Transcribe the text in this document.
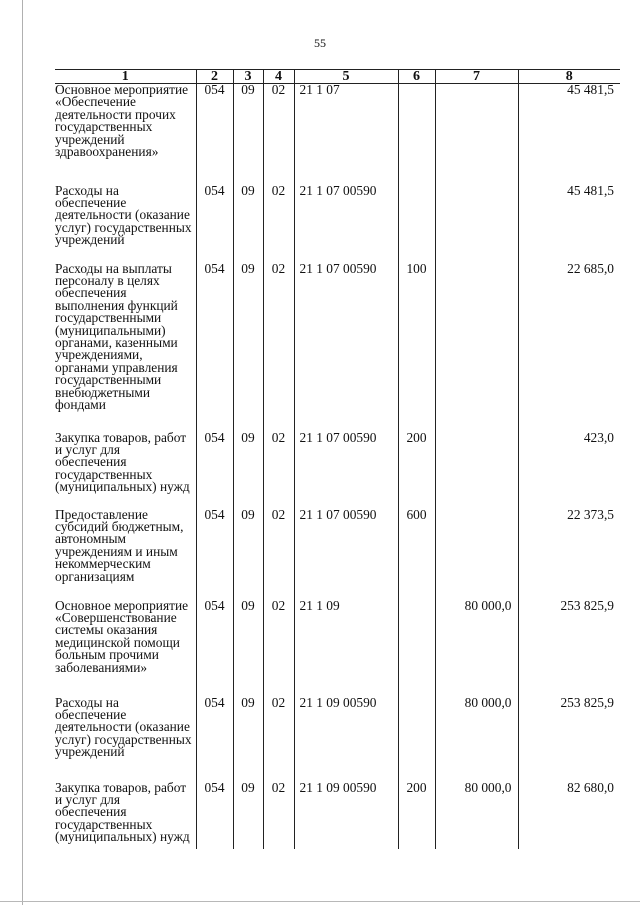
55
1	2	3	4	5	6	7	8
Основное мероприятие «Обеспечение деятельности прочих государственных учреждений здравоохранения»	054	09	02	21 1 07			45 481,5
Расходы на обеспечение деятельности (оказание услуг) государственных учреждений	054	09	02	21 1 07 00590			45 481,5
Расходы на выплаты персоналу в целях обеспечения выполнения функций государственными (муниципальными) органами, казенными учреждениями, органами управления государственными внебюджетными фондами	054	09	02	21 1 07 00590	100		22 685,0
Закупка товаров, работ и услуг для обеспечения государственных (муниципальных) нужд	054	09	02	21 1 07 00590	200		423,0
Предоставление субсидий бюджетным, автономным учреждениям и иным некоммерческим организациям	054	09	02	21 1 07 00590	600		22 373,5
Основное мероприятие «Совершенствование системы оказания медицинской помощи больным прочими заболеваниями»	054	09	02	21 1 09		80 000,0	253 825,9
Расходы на обеспечение деятельности (оказание услуг) государственных учреждений	054	09	02	21 1 09 00590		80 000,0	253 825,9
Закупка товаров, работ и услуг для обеспечения государственных (муниципальных) нужд	054	09	02	21 1 09 00590	200	80 000,0	82 680,0
